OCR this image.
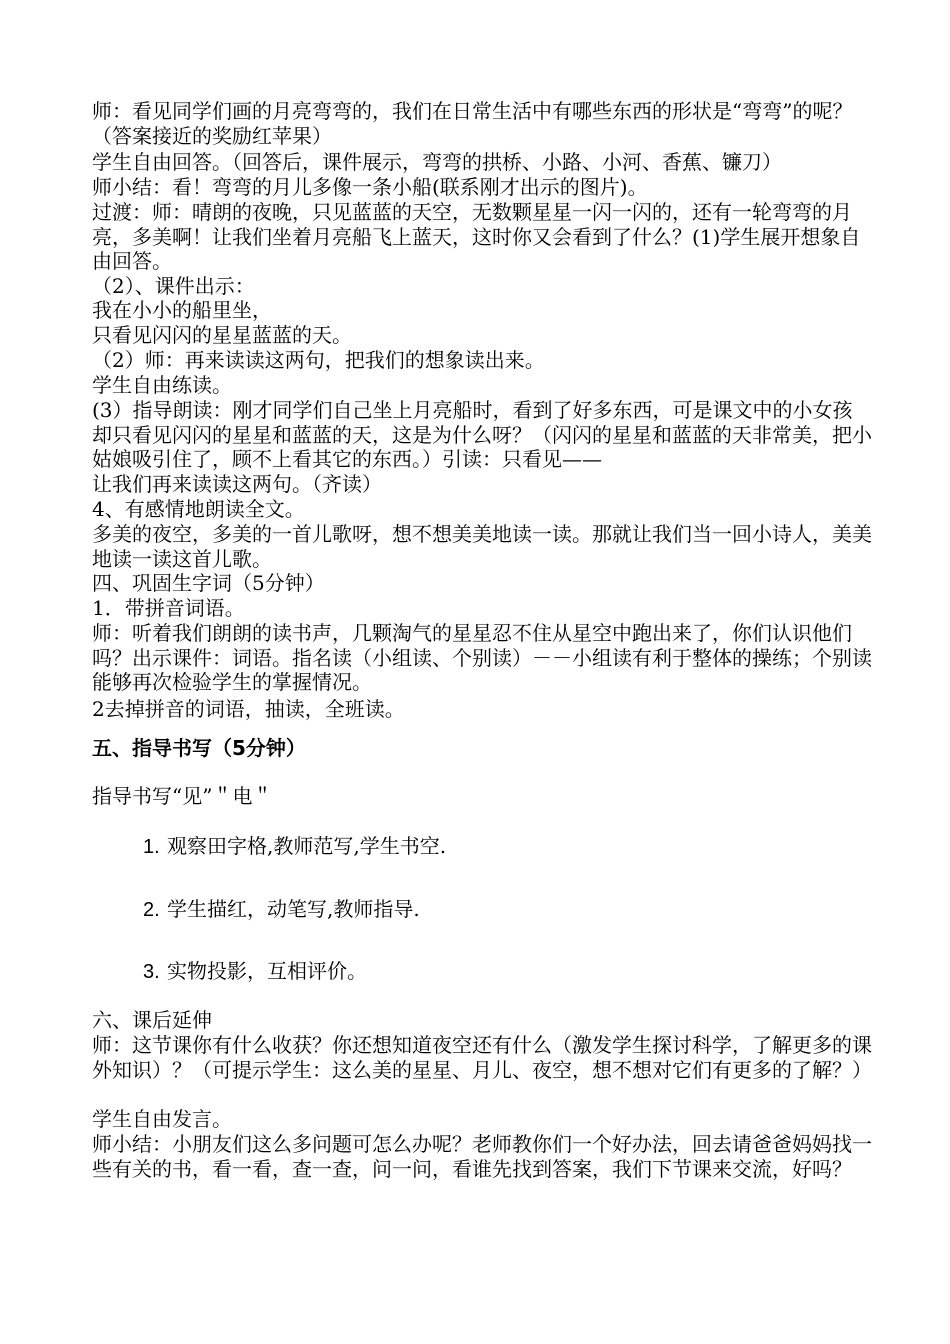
师：看见同学们画的月亮弯弯的，我们在日常生活中有哪些东西的形状是“弯弯”的呢？（答案接近的奖励红苹果）
学生自由回答。（回答后，课件展示，弯弯的拱桥、小路、小河、香蕉、镰刀）
师小结：看！弯弯的月儿多像一条小船(联系刚才出示的图片)。
过渡：师：晴朗的夜晚，只见蓝蓝的天空，无数颗星星一闪一闪的，还有一轮弯弯的月亮，多美啊！让我们坐着月亮船飞上蓝天，这时你又会看到了什么？(1)学生展开想象自由回答。
（2）、课件出示：
我在小小的船里坐，
只看见闪闪的星星蓝蓝的天。
（2）师：再来读读这两句，把我们的想象读出来。
学生自由练读。
(3）指导朗读：刚才同学们自己坐上月亮船时，看到了好多东西，可是课文中的小女孩却只看见闪闪的星星和蓝蓝的天，这是为什么呀？（闪闪的星星和蓝蓝的天非常美，把小姑娘吸引住了，顾不上看其它的东西。）引读：只看见——
让我们再来读读这两句。（齐读）
4、有感情地朗读全文。
多美的夜空，多美的一首儿歌呀，想不想美美地读一读。那就让我们当一回小诗人，美美地读一读这首儿歌。
四、巩固生字词（5分钟）
1．带拼音词语。
师：听着我们朗朗的读书声，几颗淘气的星星忍不住从星空中跑出来了，你们认识他们吗？出示课件：词语。指名读（小组读、个别读）－－小组读有利于整体的操练；个别读能够再次检验学生的掌握情况。
2去掉拼音的词语，抽读，全班读。
五、指导书写（5分钟）
指导书写“见”＂电＂
1. 观察田字格,教师范写,学生书空.
2. 学生描红，动笔写,教师指导.
3. 实物投影，互相评价。
六、课后延伸
师：这节课你有什么收获？你还想知道夜空还有什么（激发学生探讨科学，了解更多的课外知识）？（可提示学生：这么美的星星、月儿、夜空，想不想对它们有更多的了解？）
学生自由发言。
师小结：小朋友们这么多问题可怎么办呢？老师教你们一个好办法，回去请爸爸妈妈找一些有关的书，看一看，查一查，问一问，看谁先找到答案，我们下节课来交流，好吗？
